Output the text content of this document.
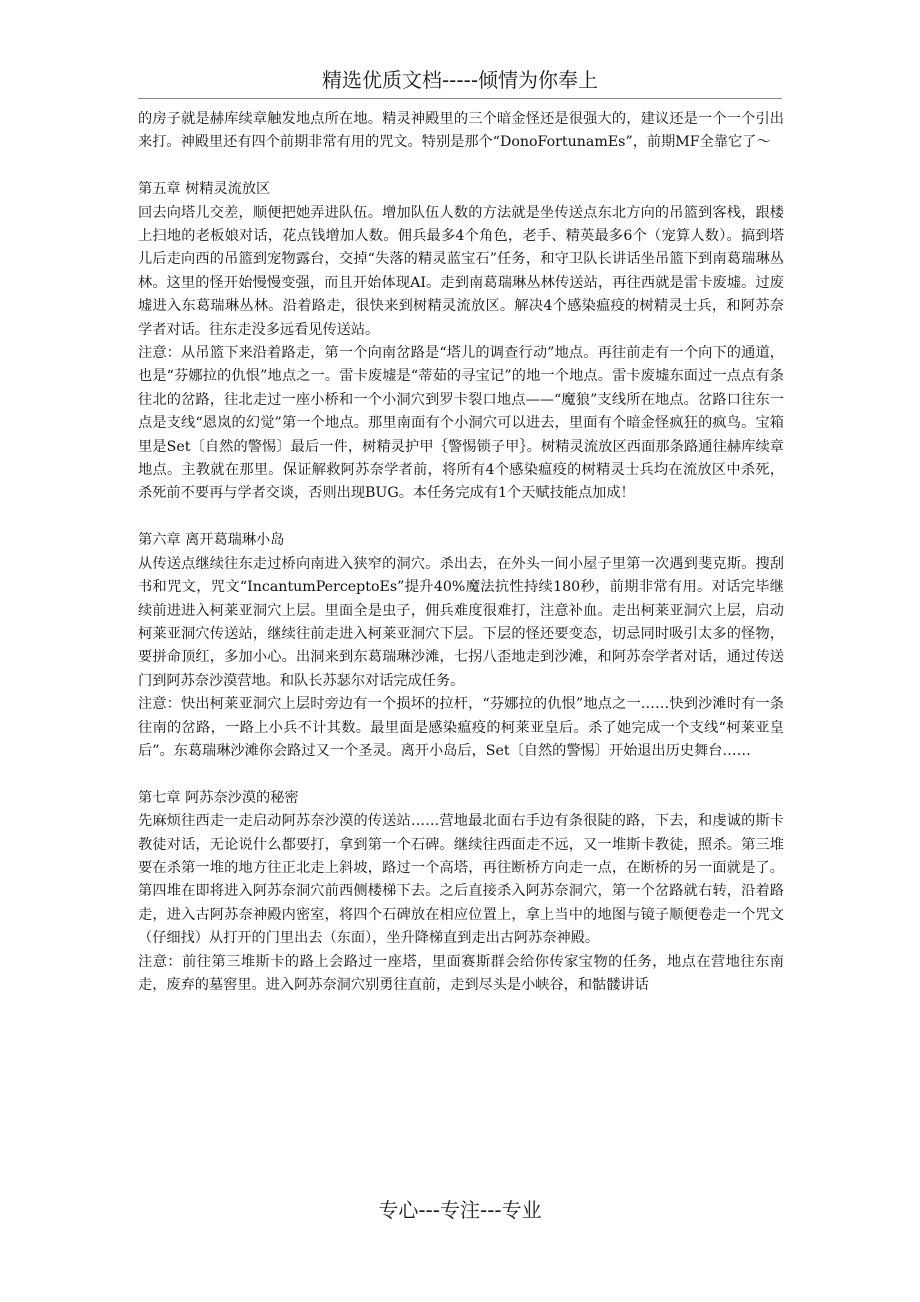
精选优质文档-----倾情为你奉上

的房子就是赫库续章触发地点所在地。精灵神殿里的三个暗金怪还是很强大的，建议还是一个一个引出来打。神殿里还有四个前期非常有用的咒文。特别是那个“DonoFortunamEs”，前期MF全靠它了～

第五章 树精灵流放区

回去向塔儿交差，顺便把她弄进队伍。增加队伍人数的方法就是坐传送点东北方向的吊篮到客栈，跟楼上扫地的老板娘对话，花点钱增加人数。佣兵最多4个角色，老手、精英最多6个（宠算人数）。搞到塔儿后走向西的吊篮到宠物露台，交掉“失落的精灵蓝宝石”任务，和守卫队长讲话坐吊篮下到南葛瑞琳丛林。这里的怪开始慢慢变强，而且开始体现AI。走到南葛瑞琳丛林传送站，再往西就是雷卡废墟。过废墟进入东葛瑞琳丛林。沿着路走，很快来到树精灵流放区。解决4个感染瘟疫的树精灵士兵，和阿苏奈学者对话。往东走没多远看见传送站。

注意：从吊篮下来沿着路走，第一个向南岔路是“塔儿的调查行动”地点。再往前走有一个向下的通道，也是“芬娜拉的仇恨”地点之一。雷卡废墟是“蒂茹的寻宝记”的地一个地点。雷卡废墟东面过一点点有条往北的岔路，往北走过一座小桥和一个小洞穴到罗卡裂口地点——“魔狼”支线所在地点。岔路口往东一点是支线“恩岚的幻觉”第一个地点。那里南面有个小洞穴可以进去，里面有个暗金怪疯狂的疯鸟。宝箱里是Set〔自然的警惕〕最后一件，树精灵护甲｛警惕锁子甲｝。树精灵流放区西面那条路通往赫库续章地点。主教就在那里。保证解救阿苏奈学者前，将所有4个感染瘟疫的树精灵士兵均在流放区中杀死，杀死前不要再与学者交谈，否则出现BUG。本任务完成有1个天赋技能点加成！

第六章 离开葛瑞琳小岛

从传送点继续往东走过桥向南进入狭窄的洞穴。杀出去，在外头一间小屋子里第一次遇到斐克斯。搜刮书和咒文，咒文“IncantumPerceptoEs”提升40%魔法抗性持续180秒，前期非常有用。对话完毕继续前进进入柯莱亚洞穴上层。里面全是虫子，佣兵难度很难打，注意补血。走出柯莱亚洞穴上层，启动柯莱亚洞穴传送站，继续往前走进入柯莱亚洞穴下层。下层的怪还要变态，切忌同时吸引太多的怪物，要拼命顶红，多加小心。出洞来到东葛瑞琳沙滩，七拐八歪地走到沙滩，和阿苏奈学者对话，通过传送门到阿苏奈沙漠营地。和队长苏瑟尔对话完成任务。

注意：快出柯莱亚洞穴上层时旁边有一个损坏的拉杆，“芬娜拉的仇恨”地点之一……快到沙滩时有一条往南的岔路，一路上小兵不计其数。最里面是感染瘟疫的柯莱亚皇后。杀了她完成一个支线“柯莱亚皇后”。东葛瑞琳沙滩你会路过又一个圣灵。离开小岛后，Set〔自然的警惕〕开始退出历史舞台……

第七章 阿苏奈沙漠的秘密

先麻烦往西走一走启动阿苏奈沙漠的传送站……营地最北面右手边有条很陡的路，下去，和虔诚的斯卡教徒对话，无论说什么都要打，拿到第一个石碑。继续往西面走不远，又一堆斯卡教徒，照杀。第三堆要在杀第一堆的地方往正北走上斜坡，路过一个高塔，再往断桥方向走一点，在断桥的另一面就是了。第四堆在即将进入阿苏奈洞穴前西侧楼梯下去。之后直接杀入阿苏奈洞穴，第一个岔路就右转，沿着路走，进入古阿苏奈神殿内密室，将四个石碑放在相应位置上，拿上当中的地图与镜子顺便卷走一个咒文（仔细找）从打开的门里出去（东面），坐升降梯直到走出古阿苏奈神殿。

注意：前往第三堆斯卡的路上会路过一座塔，里面赛斯群会给你传家宝物的任务，地点在营地往东南走，废弃的墓窖里。进入阿苏奈洞穴别勇往直前，走到尽头是小峡谷，和骷髅讲话

专心---专注---专业
